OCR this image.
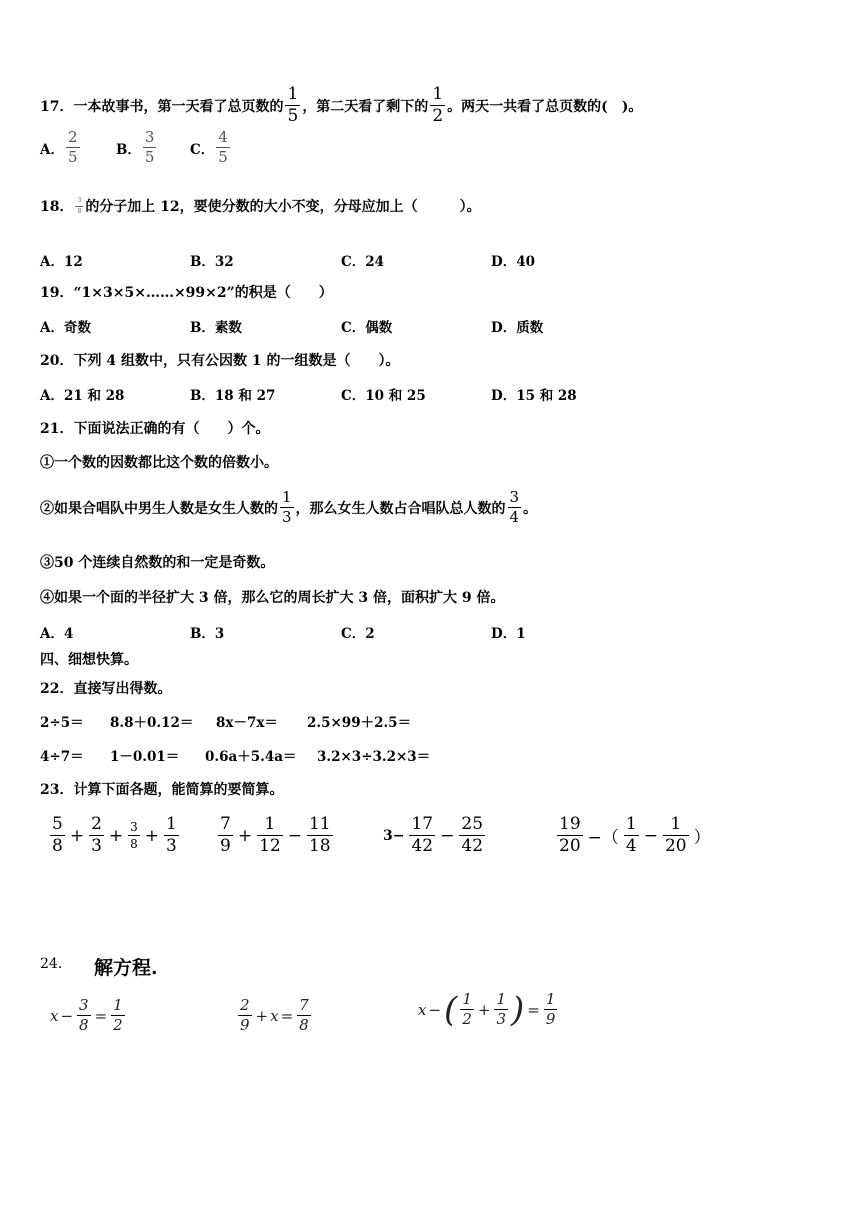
17． 一本故事书，第一天看了总页数的 $\frac{1}{5}$ ，第二天看了剩下的 $\frac{1}{2}$ 。两天一共看了总页数的(　)。
A． $\frac{2}{5}$	B． $\frac{3}{5}$ C． $\frac{4}{5}$
18． $\frac{3}{8}$ 的分子加上 12，要使分数的大小不变，分母应加上（　　　）。
A．12	B．32	C．24	D．40
19． “1×3×5×……×99×2”的积是（　　）
A．奇数	B．素数	C．偶数	D．质数
20． 下列 4 组数中，只有公因数 1 的一组数是（　　）。
A．21 和 28	B．18 和 27	C．10 和 25	D．15 和 28
21． 下面说法正确的有（　　）个。
①一个数的因数都比这个数的倍数小。
②如果合唱队中男生人数是女生人数的 $\frac{1}{3}$ ，那么女生人数占合唱队总人数的 $\frac{3}{4}$ 。
③50 个连续自然数的和一定是奇数。
④如果一个面的半径扩大 3 倍，那么它的周长扩大 3 倍，面积扩大 9 倍。
A．4	B．3	C．2	D．1
四、细想快算。
22． 直接写出得数。
2÷5＝ 8.8＋0.12＝ 8x－7x＝ 2.5×99＋2.5＝
4÷7＝ 1－0.01＝ 0.6a＋5.4a＝ 3.2×3÷3.2×3＝
23． 计算下面各题，能简算的要简算。
$\frac{5}{8} + \frac{2}{3} + \frac{3}{8} + \frac{1}{3} \frac{7}{9} + \frac{1}{12} - \frac{11}{18}$	$3- \frac{17}{42} - \frac{25}{42}$	$\frac{19}{20}$ −（ $\frac{1}{4} - \frac{1}{20}$ ）
24. 解方程.
$x - \frac{3}{8} = \frac{1}{2}$	$\frac{2}{9} + x = \frac{7}{8}$	x − ( $\frac{1}{2} + \frac{1}{3}$ ) = $\frac{1}{9}$
